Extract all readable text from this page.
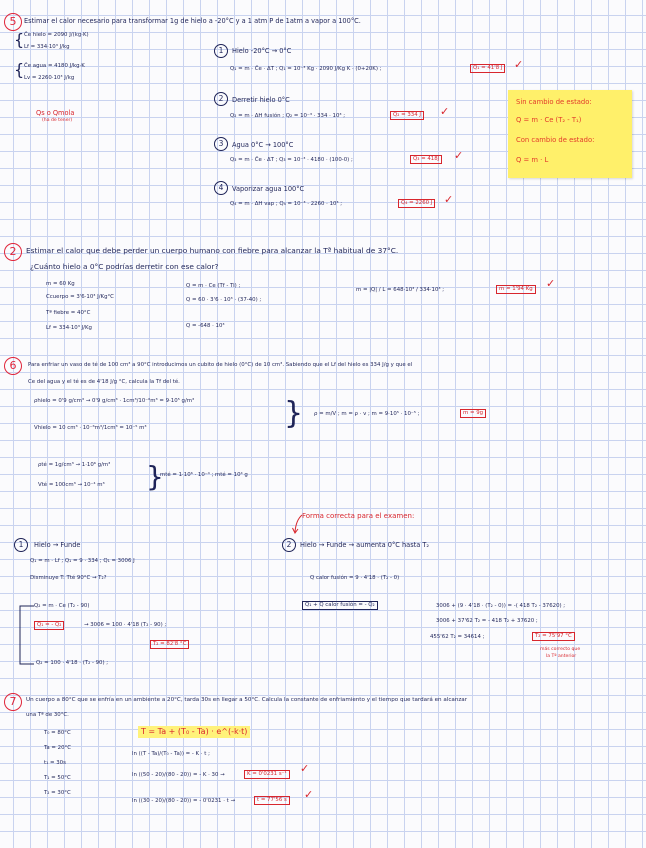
5	Estimar el calor necesario para transformar 1g de hielo a -20°C y a 1 atm P de 1atm a vapor a 100°C.
{ Ĉe hielo = 2090 J/(kg·K)
Lf = 334·10³ J/kg
{ Ĉe agua = 4180 J/kg·K
Lv = 2260·10³ J/kg
Qs o Qmola
(ha de tener)
1	Hielo -20°C → 0°C
Q₁ = m · Ĉe · ΔT ; Q₁ = 10⁻³ Kg · 2090 J/Kg K · (0+20K) ;	Q₁ = 41'8 J ✓
2	Derretir hielo 0°C
Q₂ = m · ΔH fusión ; Q₂ = 10⁻³ · 334 · 10³ ;	Q₂ = 334 J ✓
3	Agua 0°C → 100°C
Q₃ = m · Ĉe · ΔT ; Q₃ = 10⁻³ · 4180 · (100-0) ;	Q₃ = 418J ✓
4	Vaporizar agua 100°C
Q₄ = m · ΔH vap ; Q₄ = 10⁻³ · 2260 · 10³ ;	Q₄ = 2260 J ✓
Sin cambio de estado:
Q = m · Ce (T₂ - T₁)
Con cambio de estado:
Q = m · L
2	Estimar el calor que debe perder un cuerpo humano con fiebre para alcanzar la Tª habitual de 37°C.
¿Cuánto hielo a 0°C podrías derretir con ese calor?
m = 60 Kg
Ccuerpo = 3'6·10³ J/Kg°C
Tª fiebre = 40°C
Lf = 334·10³ J/Kg
Q = m · Ce (Tf - Ti) ;
Q = 60 · 3'6 · 10³ · (37-40) ;
Q = -648 · 10³
m = |Q| / L = 648·10³ / 334·10³ ;	m = 1'94 Kg ✓
6	Para enfriar un vaso de té de 100 cm³ a 90°C introducimos un cubito de hielo (0°C) de 10 cm³. Sabiendo que el Lf del hielo es 334 J/g y que el
Ce del agua y el té es de 4'18 J/g °C, calcula la Tf del té.
ρhielo = 0'9 g/cm³ → 0'9 g/cm³ · 1cm³/10⁻⁶m³ = 9·10⁵ g/m³
Vhielo = 10 cm³ · 10⁻⁶m³/1cm³ = 10⁻⁵ m³	} ρ = m/V ; m = ρ · v ; m = 9·10⁵ · 10⁻⁵ ;	m = 9g
ρté = 1g/cm³ → 1·10⁶ g/m³
Vté = 100cm³ → 10⁻⁴ m³ }
mté = 1·10⁶ · 10⁻⁴ ; mté = 10⁴ g
Forma correcta para el examen:
1	Hielo → Funde
Q₁ = m · Lf ; Q₁ = 9 · 334 ; Q₁ = 3006 J
Disminuye T: Tté 90°C → T₂?
Q₂ = m · Ce (T₂ - 90)
Q₁ = - Q₂	→ 3006 = 100 · 4'18 (T₂ - 90) ;
T₂ = 82'8 °C
Q₂ = 100 · 4'18 · (T₂ - 90) ;
2	Hielo → Funde → aumenta 0°C hasta T₂
Q calor fusión = 9 · 4'18 · (T₂ - 0)
Q₁ + Q calor fusión = - Q₂	3006 + (9 · 4'18 · (T₂ - 0)) = -( 418 T₂ - 37620) ;
3006 + 37'62 T₂ = - 418 T₂ + 37620 ;
455'62 T₂ = 34614 ;	T₂ = 75'97 °C
más correcto que
la Tª anterior
7	Un cuerpo a 80°C que se enfría en un ambiente a 20°C, tarda 30s en llegar a 50°C. Calcula la constante de enfriamiento y el tiempo que tardará en alcanzar
una Tª de 30°C.
T₀ = 80°C
Ta = 20°C
t₁ = 30s
T₁ = 50°C
T₂ = 30°C
T = Ta + (T₀ - Ta) · e^(-k·t)
ln ((T - Ta)/(T₀ - Ta)) = - K · t ;
ln ((50 - 20)/(80 - 20)) = - K · 30 →	K = 0'0231 s⁻¹ ✓
ln ((30 - 20)/(80 - 20)) = - 0'0231 · t →	t = 77'56 s ✓
